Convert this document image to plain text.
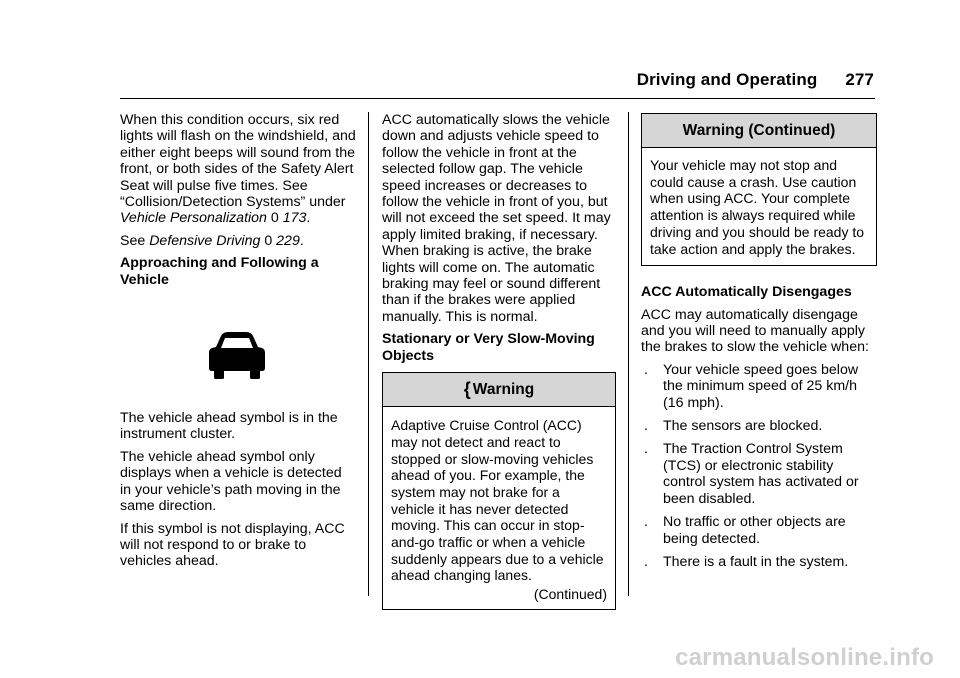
Driving and Operating 277

When this condition occurs, six red lights will flash on the windshield, and either eight beeps will sound from the front, or both sides of the Safety Alert Seat will pulse five times. See “Collision/Detection Systems” under Vehicle Personalization 0 173.

See Defensive Driving 0 229.

Approaching and Following a Vehicle

The vehicle ahead symbol is in the instrument cluster.

The vehicle ahead symbol only displays when a vehicle is detected in your vehicle’s path moving in the same direction.

If this symbol is not displaying, ACC will not respond to or brake to vehicles ahead.

ACC automatically slows the vehicle down and adjusts vehicle speed to follow the vehicle in front at the selected follow gap. The vehicle speed increases or decreases to follow the vehicle in front of you, but will not exceed the set speed. It may apply limited braking, if necessary. When braking is active, the brake lights will come on. The automatic braking may feel or sound different than if the brakes were applied manually. This is normal.

Stationary or Very Slow-Moving Objects

{ Warning
Adaptive Cruise Control (ACC) may not detect and react to stopped or slow-moving vehicles ahead of you. For example, the system may not brake for a vehicle it has never detected moving. This can occur in stop-and-go traffic or when a vehicle suddenly appears due to a vehicle ahead changing lanes.
(Continued)
Warning (Continued)
Your vehicle may not stop and could cause a crash. Use caution when using ACC. Your complete attention is always required while driving and you should be ready to take action and apply the brakes.

ACC Automatically Disengages

ACC may automatically disengage and you will need to manually apply the brakes to slow the vehicle when:

. Your vehicle speed goes below the minimum speed of 25 km/h (16 mph).
. The sensors are blocked.
. The Traction Control System (TCS) or electronic stability control system has activated or been disabled.
. No traffic or other objects are being detected.
. There is a fault in the system.
carmanualsonline.info
